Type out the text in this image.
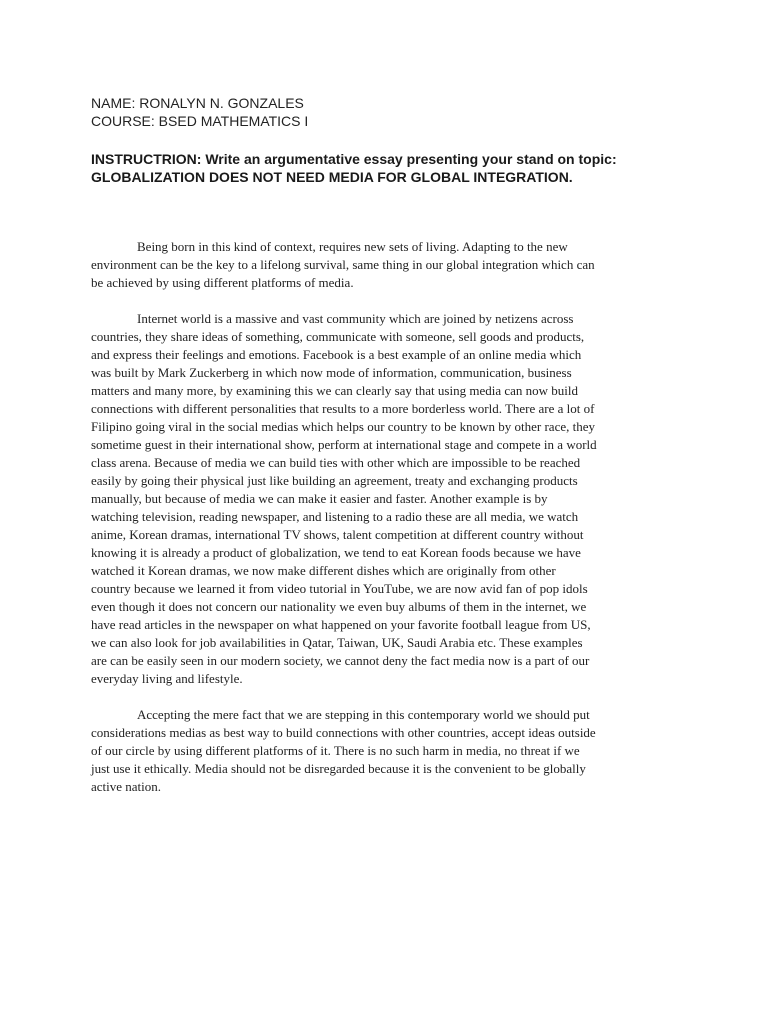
NAME: RONALYN N. GONZALES
COURSE: BSED MATHEMATICS I
INSTRUCTRION: Write an argumentative essay presenting your stand on topic:
GLOBALIZATION DOES NOT NEED MEDIA FOR GLOBAL INTEGRATION.
Being born in this kind of context, requires new sets of living. Adapting to the new
environment can be the key to a lifelong survival, same thing in our global integration which can
be achieved by using different platforms of media.
Internet world is a massive and vast community which are joined by netizens across
countries, they share ideas of something, communicate with someone, sell goods and products,
and express their feelings and emotions. Facebook is a best example of an online media which
was built by Mark Zuckerberg in which now mode of information, communication, business
matters and many more, by examining this we can clearly say that using media can now build
connections with different personalities that results to a more borderless world. There are a lot of
Filipino going viral in the social medias which helps our country to be known by other race, they
sometime guest in their international show, perform at international stage and compete in a world
class arena. Because of media we can build ties with other which are impossible to be reached
easily by going their physical just like building an agreement, treaty and exchanging products
manually, but because of media we can make it easier and faster. Another example is by
watching television, reading newspaper, and listening to a radio these are all media, we watch
anime, Korean dramas, international TV shows, talent competition at different country without
knowing it is already a product of globalization, we tend to eat Korean foods because we have
watched it Korean dramas, we now make different dishes which are originally from other
country because we learned it from video tutorial in YouTube, we are now avid fan of pop idols
even though it does not concern our nationality we even buy albums of them in the internet, we
have read articles in the newspaper on what happened on your favorite football league from US,
we can also look for job availabilities in Qatar, Taiwan, UK, Saudi Arabia etc. These examples
are can be easily seen in our modern society, we cannot deny the fact media now is a part of our
everyday living and lifestyle.
Accepting the mere fact that we are stepping in this contemporary world we should put
considerations medias as best way to build connections with other countries, accept ideas outside
of our circle by using different platforms of it. There is no such harm in media, no threat if we
just use it ethically. Media should not be disregarded because it is the convenient to be globally
active nation.
